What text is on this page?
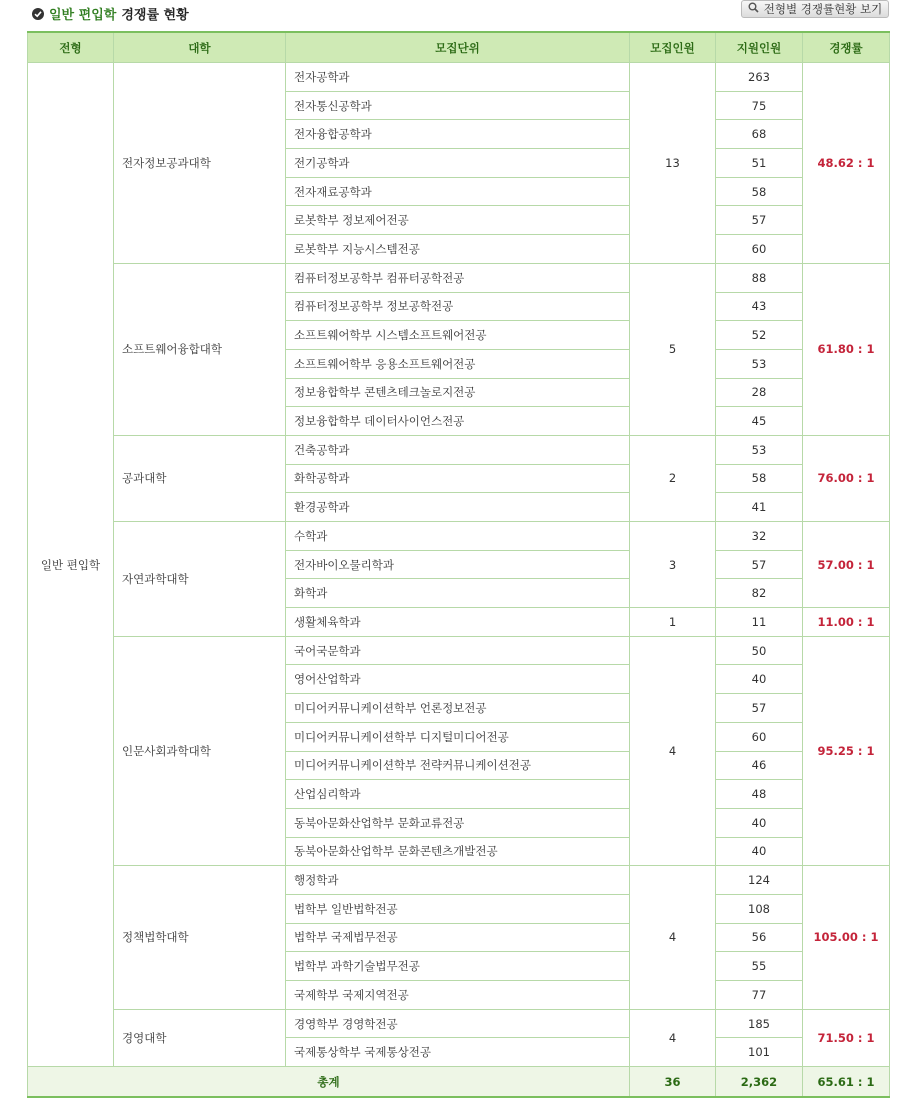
일반 편입학 경쟁률 현황	전형별 경쟁률현황 보기
전형	대학	모집단위	모집인원	지원인원	경쟁률
일반 편입학	전자정보공과대학	전자공학과	13	263	48.62 : 1
		전자통신공학과		75	
		전자융합공학과		68	
		전기공학과		51	
		전자재료공학과		58	
		로봇학부 정보제어전공		57	
		로봇학부 지능시스템전공		60	
	소프트웨어융합대학	컴퓨터정보공학부 컴퓨터공학전공	5	88	61.80 : 1
		컴퓨터정보공학부 정보공학전공		43	
		소프트웨어학부 시스템소프트웨어전공		52	
		소프트웨어학부 응용소프트웨어전공		53	
		정보융합학부 콘텐츠테크놀로지전공		28	
		정보융합학부 데이터사이언스전공		45	
	공과대학	건축공학과	2	53	76.00 : 1
		화학공학과		58	
		환경공학과		41	
	자연과학대학	수학과	3	32	57.00 : 1
		전자바이오물리학과		57	
		화학과		82	
		생활체육학과	1	11	11.00 : 1
	인문사회과학대학	국어국문학과	4	50	95.25 : 1
		영어산업학과		40	
		미디어커뮤니케이션학부 언론정보전공		57	
		미디어커뮤니케이션학부 디지털미디어전공		60	
		미디어커뮤니케이션학부 전략커뮤니케이션전공		46	
		산업심리학과		48	
		동북아문화산업학부 문화교류전공		40	
		동북아문화산업학부 문화콘텐츠개발전공		40	
	정책법학대학	행정학과	4	124	105.00 : 1
		법학부 일반법학전공		108	
		법학부 국제법무전공		56	
		법학부 과학기술법무전공		55	
		국제학부 국제지역전공		77	
	경영대학	경영학부 경영학전공	4	185	71.50 : 1
		국제통상학부 국제통상전공		101	
총계			36	2,362	65.61 : 1
